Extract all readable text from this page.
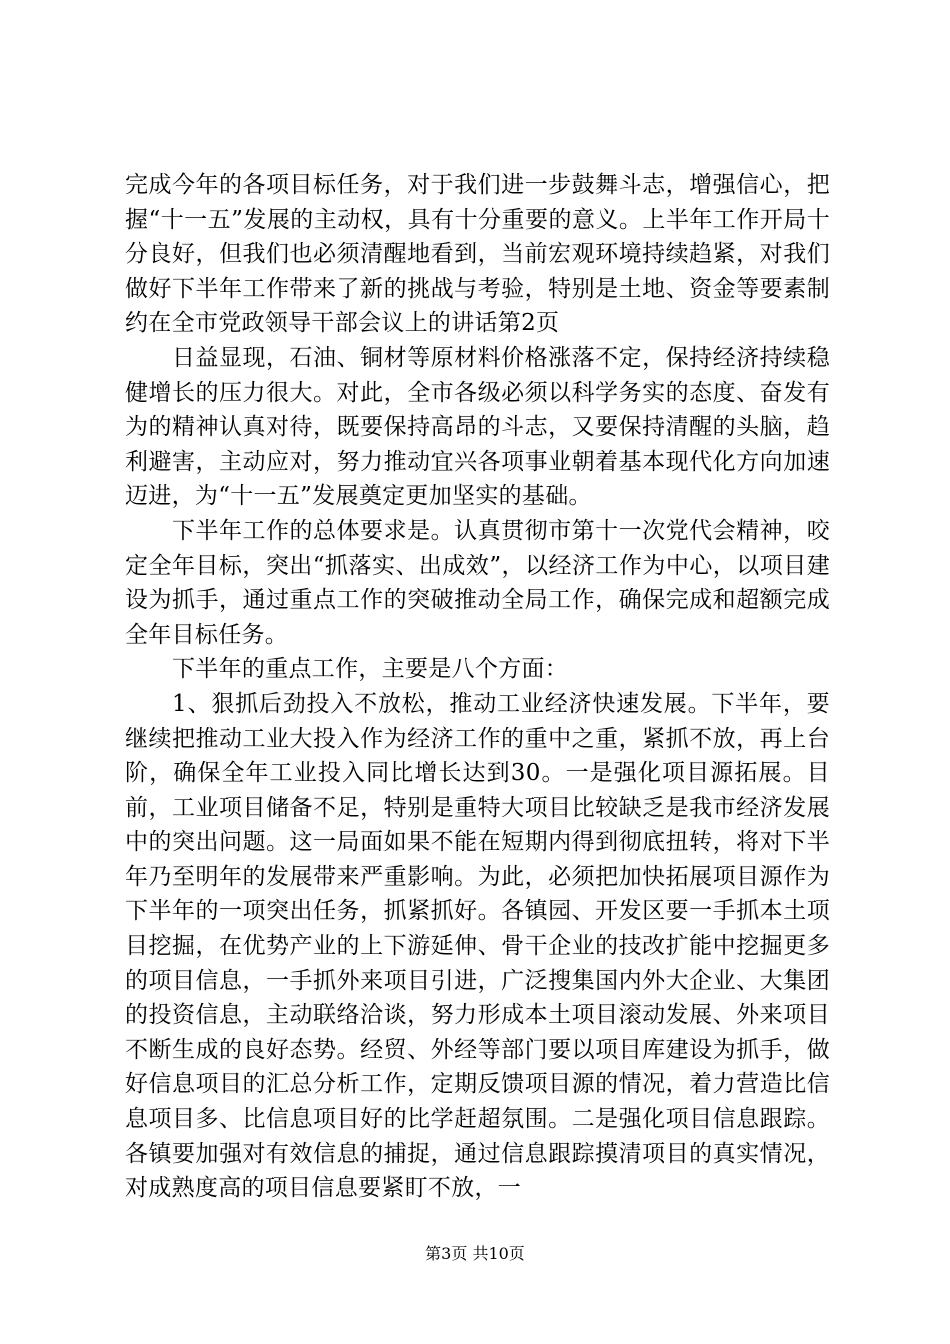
完成今年的各项目标任务，对于我们进一步鼓舞斗志，增强信心，把握“十一五”发展的主动权，具有十分重要的意义。上半年工作开局十分良好，但我们也必须清醒地看到，当前宏观环境持续趋紧，对我们做好下半年工作带来了新的挑战与考验，特别是土地、资金等要素制约在全市党政领导干部会议上的讲话第2页

日益显现，石油、铜材等原材料价格涨落不定，保持经济持续稳健增长的压力很大。对此，全市各级必须以科学务实的态度、奋发有为的精神认真对待，既要保持高昂的斗志，又要保持清醒的头脑，趋利避害，主动应对，努力推动宜兴各项事业朝着基本现代化方向加速迈进，为“十一五”发展奠定更加坚实的基础。

下半年工作的总体要求是。认真贯彻市第十一次党代会精神，咬定全年目标，突出“抓落实、出成效”，以经济工作为中心，以项目建设为抓手，通过重点工作的突破推动全局工作，确保完成和超额完成全年目标任务。

下半年的重点工作，主要是八个方面：

1、狠抓后劲投入不放松，推动工业经济快速发展。下半年，要继续把推动工业大投入作为经济工作的重中之重，紧抓不放，再上台阶，确保全年工业投入同比增长达到30。一是强化项目源拓展。目前，工业项目储备不足，特别是重特大项目比较缺乏是我市经济发展中的突出问题。这一局面如果不能在短期内得到彻底扭转，将对下半年乃至明年的发展带来严重影响。为此，必须把加快拓展项目源作为下半年的一项突出任务，抓紧抓好。各镇园、开发区要一手抓本土项目挖掘，在优势产业的上下游延伸、骨干企业的技改扩能中挖掘更多的项目信息，一手抓外来项目引进，广泛搜集国内外大企业、大集团的投资信息，主动联络洽谈，努力形成本土项目滚动发展、外来项目不断生成的良好态势。经贸、外经等部门要以项目库建设为抓手，做好信息项目的汇总分析工作，定期反馈项目源的情况，着力营造比信息项目多、比信息项目好的比学赶超氛围。二是强化项目信息跟踪。各镇要加强对有效信息的捕捉，通过信息跟踪摸清项目的真实情况，对成熟度高的项目信息要紧盯不放，一

第3页 共10页
